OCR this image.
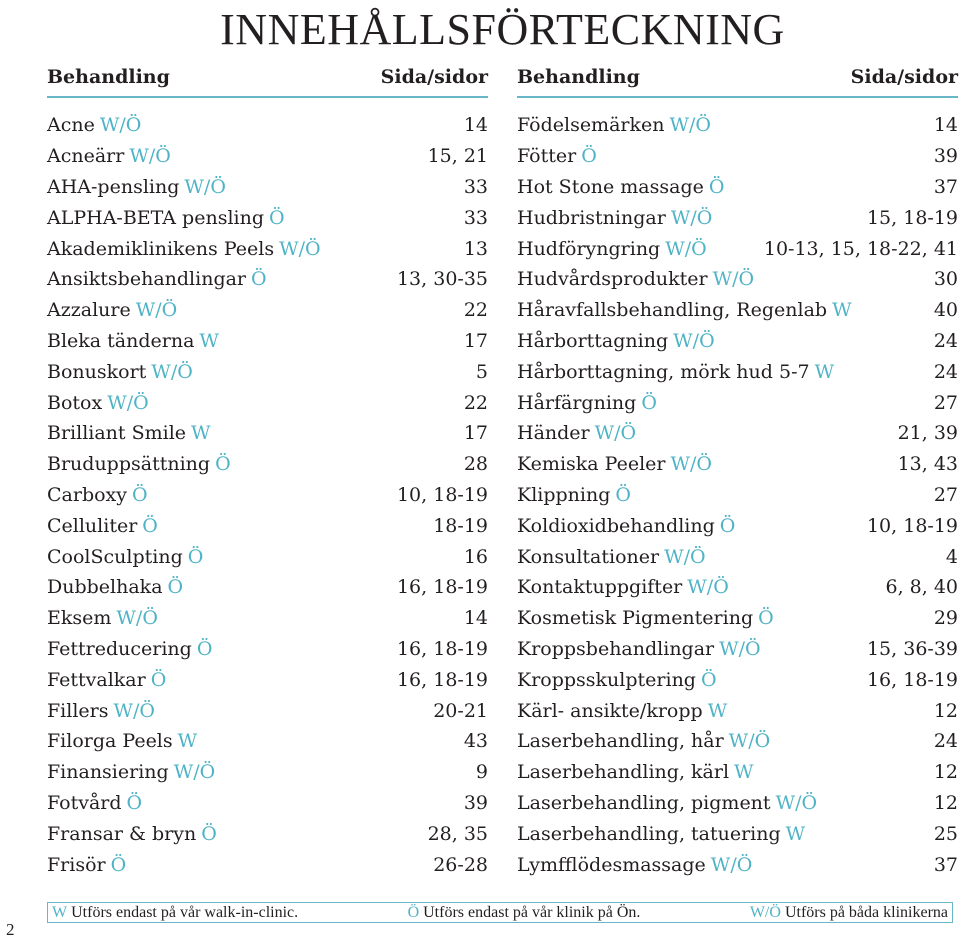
INNEHÅLLSFÖRTECKNING
Behandling	Sida/sidor
Acne W/Ö	14
Acneärr W/Ö	15, 21
AHA-pensling W/Ö	33
ALPHA-BETA pensling Ö	33
Akademiklinikens Peels W/Ö	13
Ansiktsbehandlingar Ö	13, 30-35
Azzalure W/Ö	22
Bleka tänderna W	17
Bonuskort W/Ö	5
Botox W/Ö	22
Brilliant Smile W	17
Bruduppsättning Ö	28
Carboxy Ö	10, 18-19
Celluliter Ö	18-19
CoolSculpting Ö	16
Dubbelhaka Ö	16, 18-19
Eksem W/Ö	14
Fettreducering Ö	16, 18-19
Fettvalkar Ö	16, 18-19
Fillers W/Ö	20-21
Filorga Peels W	43
Finansiering W/Ö	9
Fotvård Ö	39
Fransar & bryn Ö	28, 35
Frisör Ö	26-28
Behandling	Sida/sidor
Födelsemärken W/Ö	14
Fötter Ö	39
Hot Stone massage Ö	37
Hudbristningar W/Ö	15, 18-19
Hudföryngring W/Ö	10-13, 15, 18-22, 41
Hudvårdsprodukter W/Ö	30
Håravfallsbehandling, Regenlab W	40
Hårborttagning W/Ö	24
Hårborttagning, mörk hud 5-7 W	24
Hårfärgning Ö	27
Händer W/Ö	21, 39
Kemiska Peeler W/Ö	13, 43
Klippning Ö	27
Koldioxidbehandling Ö	10, 18-19
Konsultationer W/Ö	4
Kontaktuppgifter W/Ö	6, 8, 40
Kosmetisk Pigmentering Ö	29
Kroppsbehandlingar W/Ö	15, 36-39
Kroppsskulptering Ö	16, 18-19
Kärl- ansikte/kropp W	12
Laserbehandling, hår W/Ö	24
Laserbehandling, kärl W	12
Laserbehandling, pigment W/Ö	12
Laserbehandling, tatuering W	25
Lymfflödesmassage W/Ö	37
W Utförs endast på vår walk-in-clinic.	Ö Utförs endast på vår klinik på Ön.	W/Ö Utförs på båda klinikerna
2
